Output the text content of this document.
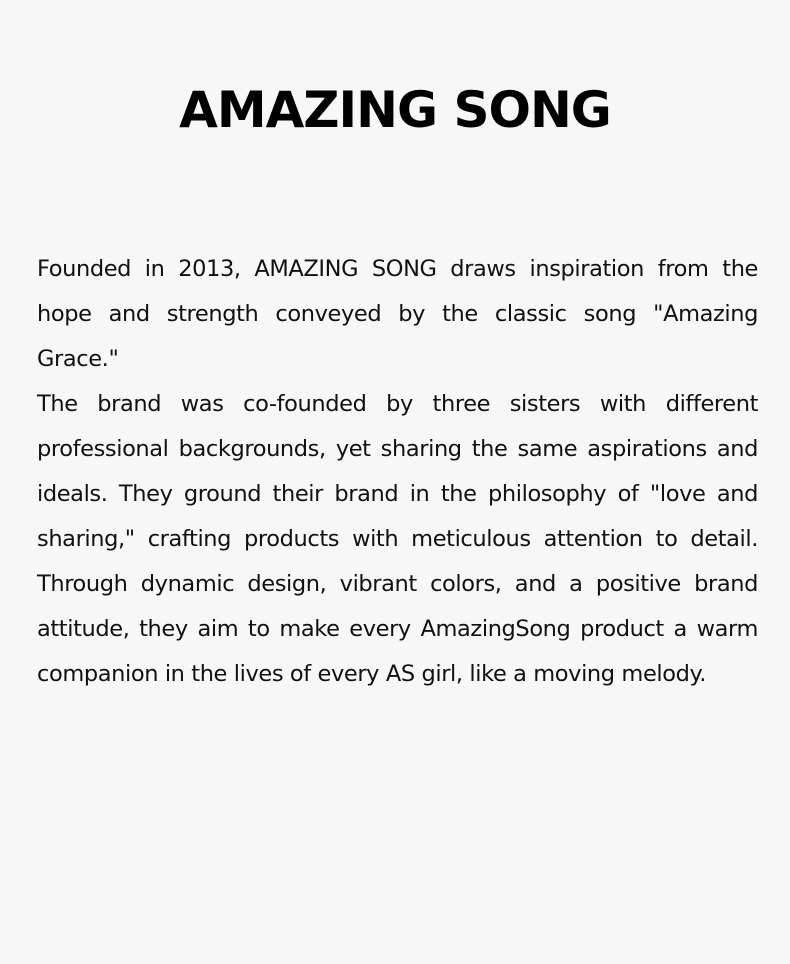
AMAZING SONG

Founded in 2013, AMAZING SONG draws inspiration from the hope and strength conveyed by the classic song "Amazing Grace."

The brand was co-founded by three sisters with different professional backgrounds, yet sharing the same aspirations and ideals. They ground their brand in the philosophy of "love and sharing," crafting products with meticulous attention to detail. Through dynamic design, vibrant colors, and a positive brand attitude, they aim to make every AmazingSong product a warm companion in the lives of every AS girl, like a moving melody.
